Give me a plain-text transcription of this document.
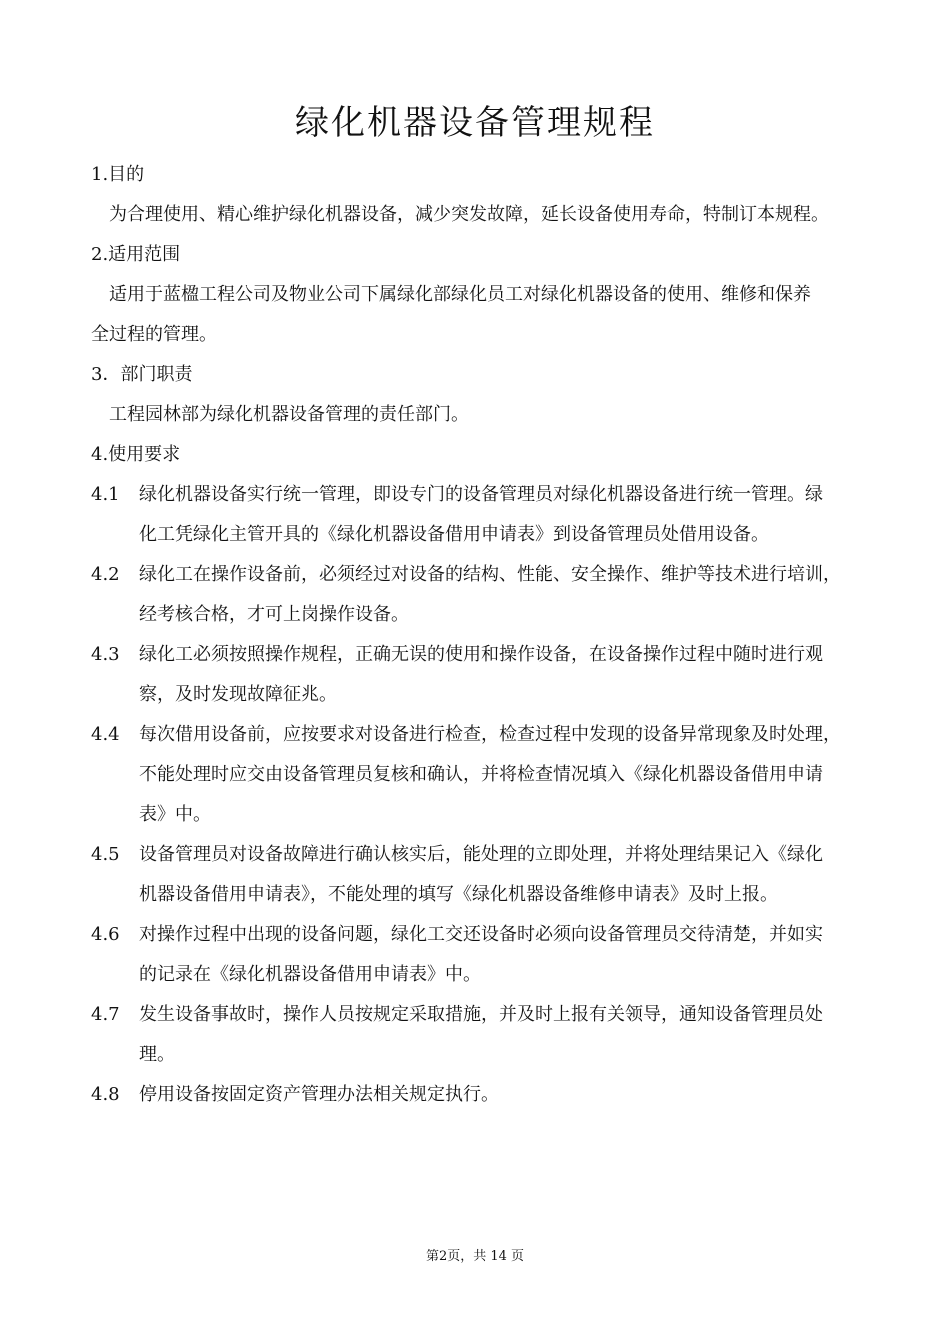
绿化机器设备管理规程
1.目的
为合理使用、精心维护绿化机器设备，减少突发故障，延长设备使用寿命，特制订本规程。
2.适用范围
适用于蓝楹工程公司及物业公司下属绿化部绿化员工对绿化机器设备的使用、维修和保养
全过程的管理。
3．部门职责
工程园林部为绿化机器设备管理的责任部门。
4.使用要求
4.1	绿化机器设备实行统一管理，即设专门的设备管理员对绿化机器设备进行统一管理。绿
化工凭绿化主管开具的《绿化机器设备借用申请表》到设备管理员处借用设备。
4.2	绿化工在操作设备前，必须经过对设备的结构、性能、安全操作、维护等技术进行培训，
经考核合格，才可上岗操作设备。
4.3	绿化工必须按照操作规程，正确无误的使用和操作设备，在设备操作过程中随时进行观
察，及时发现故障征兆。
4.4	每次借用设备前，应按要求对设备进行检查，检查过程中发现的设备异常现象及时处理，
不能处理时应交由设备管理员复核和确认，并将检查情况填入《绿化机器设备借用申请
表》中。
4.5	设备管理员对设备故障进行确认核实后，能处理的立即处理，并将处理结果记入《绿化
机器设备借用申请表》，不能处理的填写《绿化机器设备维修申请表》及时上报。
4.6	对操作过程中出现的设备问题，绿化工交还设备时必须向设备管理员交待清楚，并如实
的记录在《绿化机器设备借用申请表》中。
4.7	发生设备事故时，操作人员按规定采取措施，并及时上报有关领导，通知设备管理员处
理。
4.8	停用设备按固定资产管理办法相关规定执行。
第2页，共 14 页
